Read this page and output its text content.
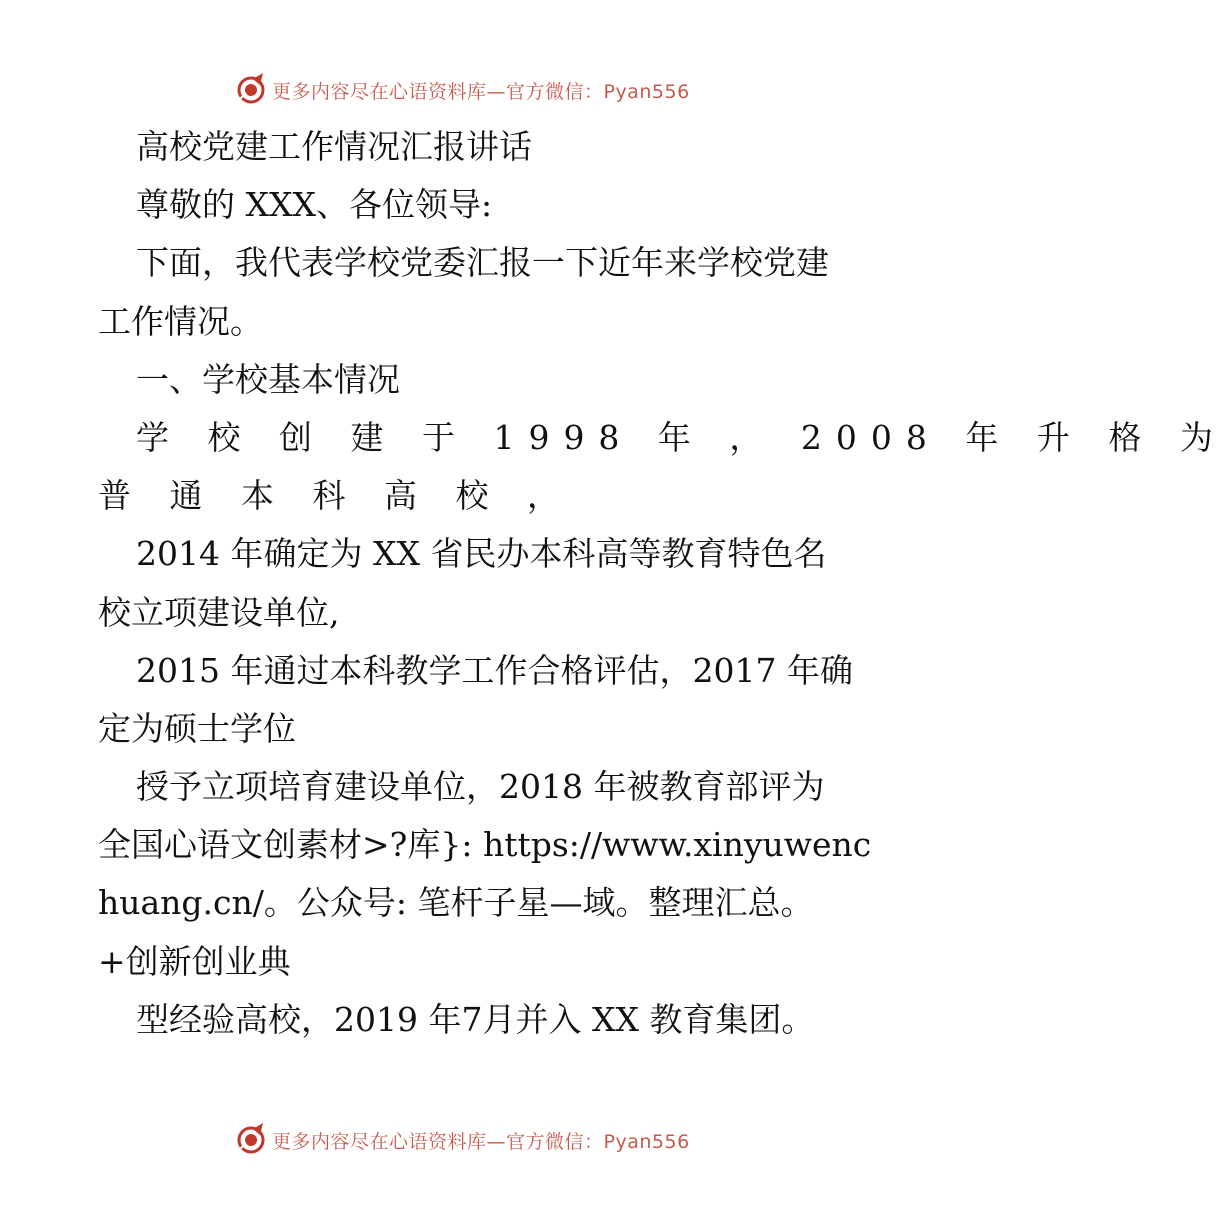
更多内容尽在心语资料库—官方微信：Pyan556
高校党建工作情况汇报讲话
尊敬的 XXX、各位领导:
下面，我代表学校党委汇报一下近年来学校党建
工作情况。
一、学校基本情况
学 校 创 建 于 1998 年 ， 2008 年 升 格 为
普 通 本 科 高 校 ，
2014 年确定为 XX 省民办本科高等教育特色名
校立项建设单位,
2015 年通过本科教学工作合格评估，2017 年确
定为硕士学位
授予立项培育建设单位，2018 年被教育部评为
全国心语文创素材>?库}: https://www.xinyuwenc
huang.cn/。公众号: 笔杆子星—域。整理汇总。
+创新创业典
型经验高校，2019 年7月并入 XX 教育集团。
更多内容尽在心语资料库—官方微信：Pyan556
